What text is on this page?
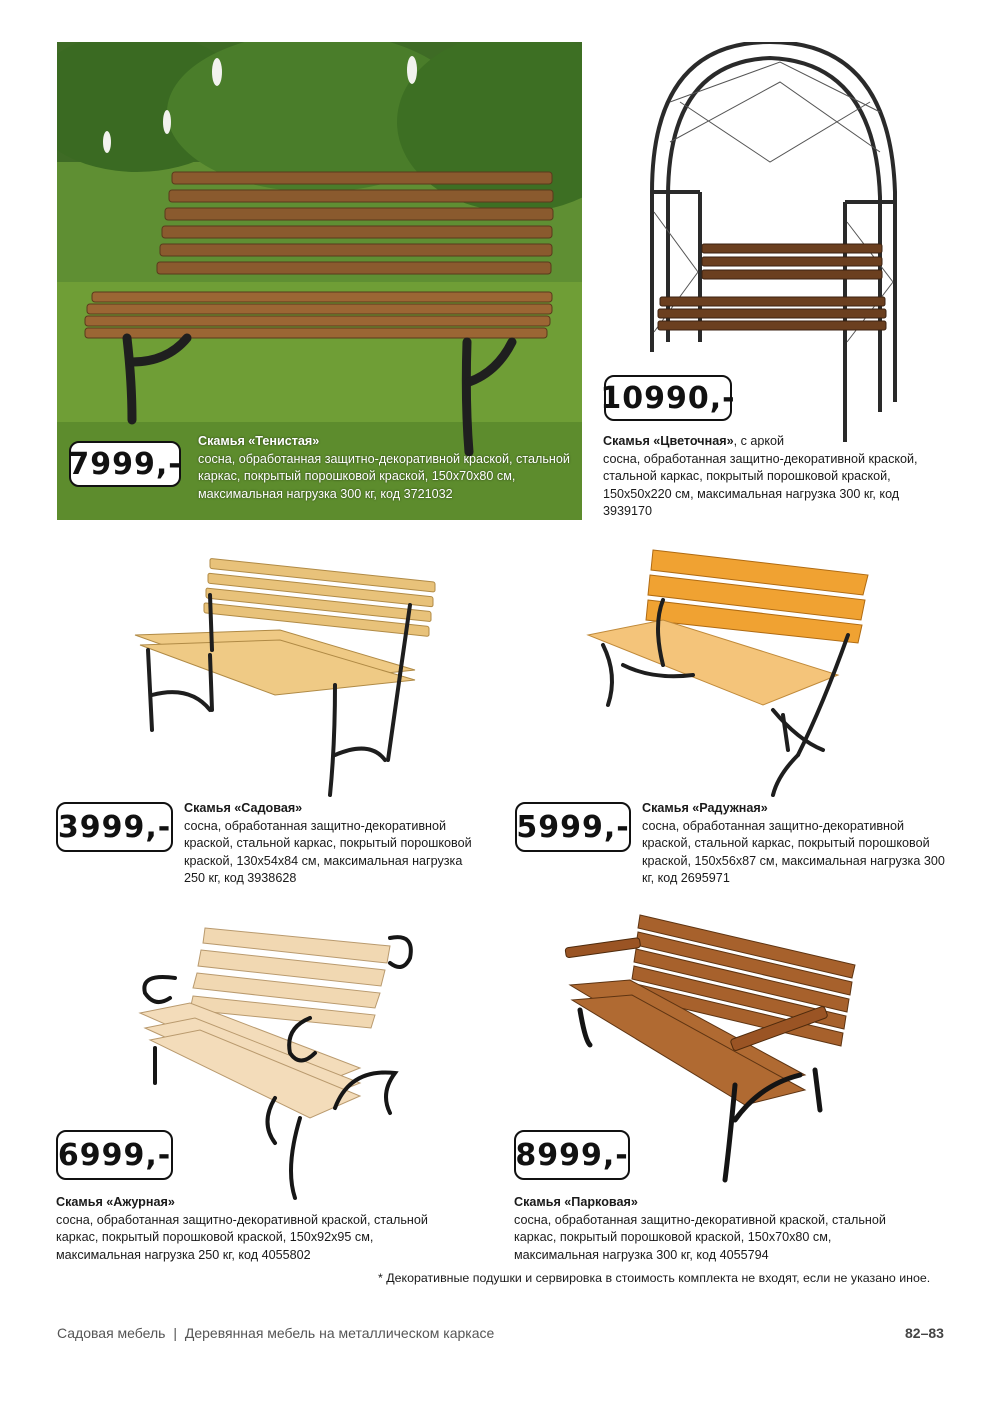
7999,-
Скамья «Тенистая»
сосна, обработанная защитно-декоративной краской, стальной каркас, покрытый порошковой краской, 150х70х80 см, максимальная нагрузка 300 кг, код 3721032
10990,-
Скамья «Цветочная», с аркой
сосна, обработанная защитно-декоративной краской, стальной каркас, покрытый порошковой краской, 150х50х220 см, максимальная нагрузка 300 кг, код 3939170
3999,-
Скамья «Садовая»
сосна, обработанная защитно-декоративной краской, стальной каркас, покрытый порошковой краской, 130х54х84 см, максимальная нагрузка 250 кг, код 3938628
5999,-
Скамья «Радужная»
сосна, обработанная защитно-декоративной краской, стальной каркас, покрытый порошковой краской, 150х56х87 см, максимальная нагрузка 300 кг, код 2695971
6999,-
Скамья «Ажурная»
сосна, обработанная защитно-декоративной краской, стальной каркас, покрытый порошковой краской, 150х92х95 см, максимальная нагрузка 250 кг, код 4055802
8999,-
Скамья «Парковая»
сосна, обработанная защитно-декоративной краской, стальной каркас, покрытый порошковой краской, 150х70х80 см, максимальная нагрузка 300 кг, код 4055794
* Декоративные подушки и сервировка в стоимость комплекта не входят, если не указано иное.
Садовая мебель | Деревянная мебель на металлическом каркасе	82–83
